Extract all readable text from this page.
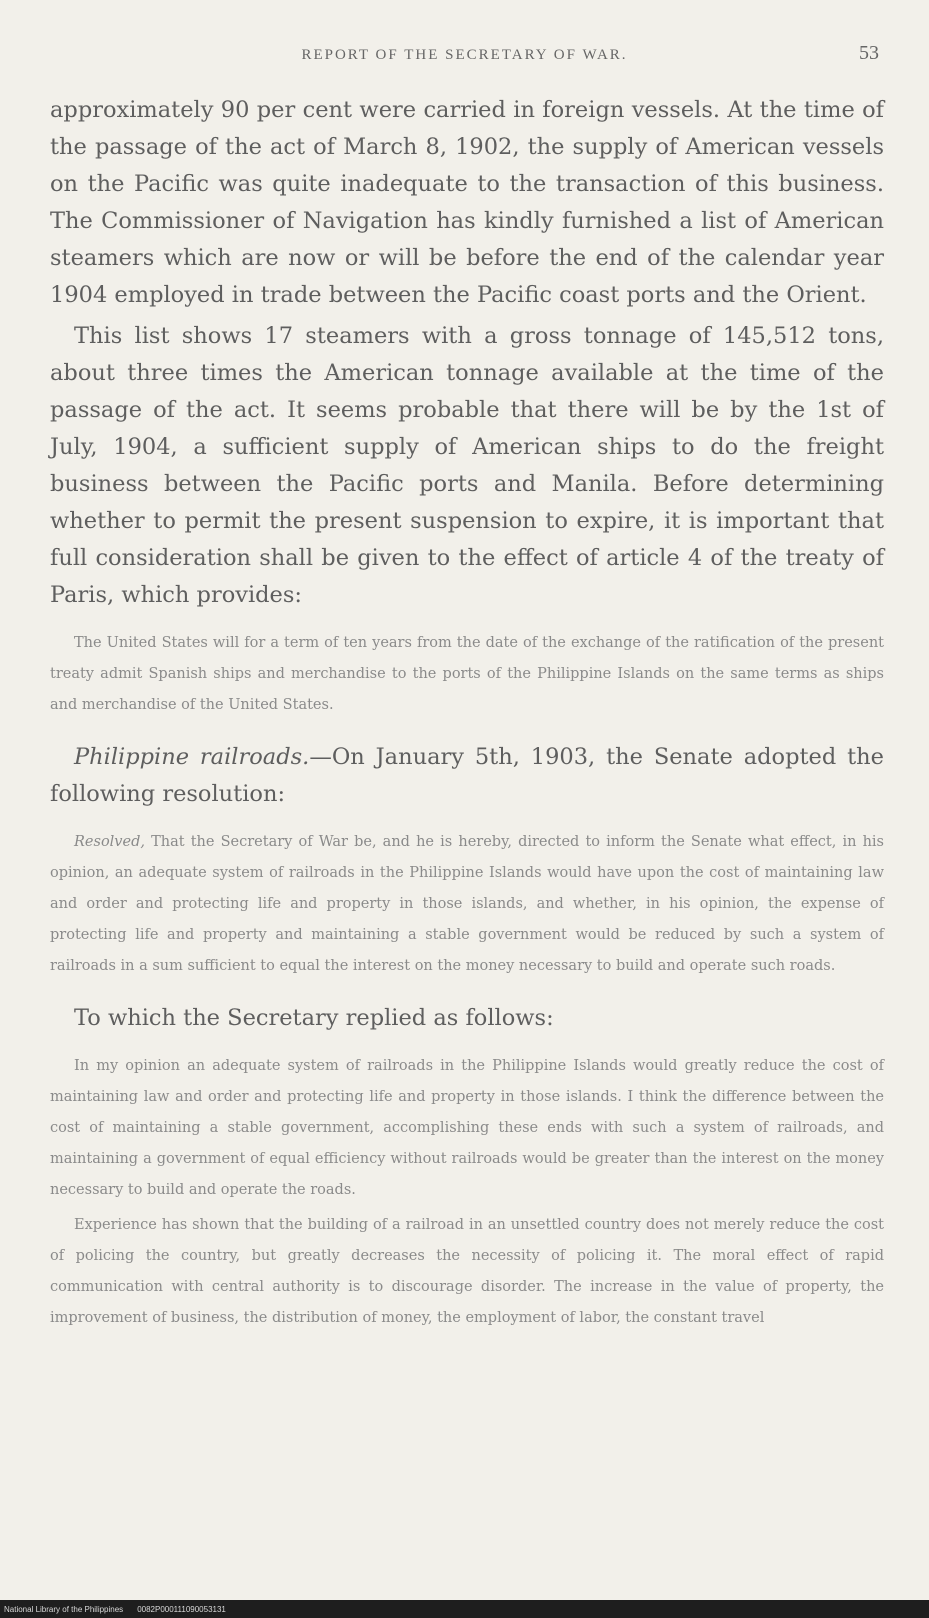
REPORT OF THE SECRETARY OF WAR.	53

approximately 90 per cent were carried in foreign vessels. At the time of the passage of the act of March 8, 1902, the supply of American vessels on the Pacific was quite inadequate to the transaction of this business. The Commissioner of Navigation has kindly furnished a list of American steamers which are now or will be before the end of the calendar year 1904 employed in trade between the Pacific coast ports and the Orient.

This list shows 17 steamers with a gross tonnage of 145,512 tons, about three times the American tonnage available at the time of the passage of the act. It seems probable that there will be by the 1st of July, 1904, a sufficient supply of American ships to do the freight business between the Pacific ports and Manila. Before determining whether to permit the present suspension to expire, it is important that full consideration shall be given to the effect of article 4 of the treaty of Paris, which provides:

The United States will for a term of ten years from the date of the exchange of the ratification of the present treaty admit Spanish ships and merchandise to the ports of the Philippine Islands on the same terms as ships and merchandise of the United States.

Philippine railroads.—On January 5th, 1903, the Senate adopted the following resolution:

Resolved, That the Secretary of War be, and he is hereby, directed to inform the Senate what effect, in his opinion, an adequate system of railroads in the Philippine Islands would have upon the cost of maintaining law and order and protecting life and property in those islands, and whether, in his opinion, the expense of protecting life and property and maintaining a stable government would be reduced by such a system of railroads in a sum sufficient to equal the interest on the money necessary to build and operate such roads.

To which the Secretary replied as follows:

In my opinion an adequate system of railroads in the Philippine Islands would greatly reduce the cost of maintaining law and order and protecting life and property in those islands. I think the difference between the cost of maintaining a stable government, accomplishing these ends with such a system of railroads, and maintaining a government of equal efficiency without railroads would be greater than the interest on the money necessary to build and operate the roads.

Experience has shown that the building of a railroad in an unsettled country does not merely reduce the cost of policing the country, but greatly decreases the necessity of policing it. The moral effect of rapid communication with central authority is to discourage disorder. The increase in the value of property, the improvement of business, the distribution of money, the employment of labor, the constant travel

National Library of the Philippines 0082P000111090053131
